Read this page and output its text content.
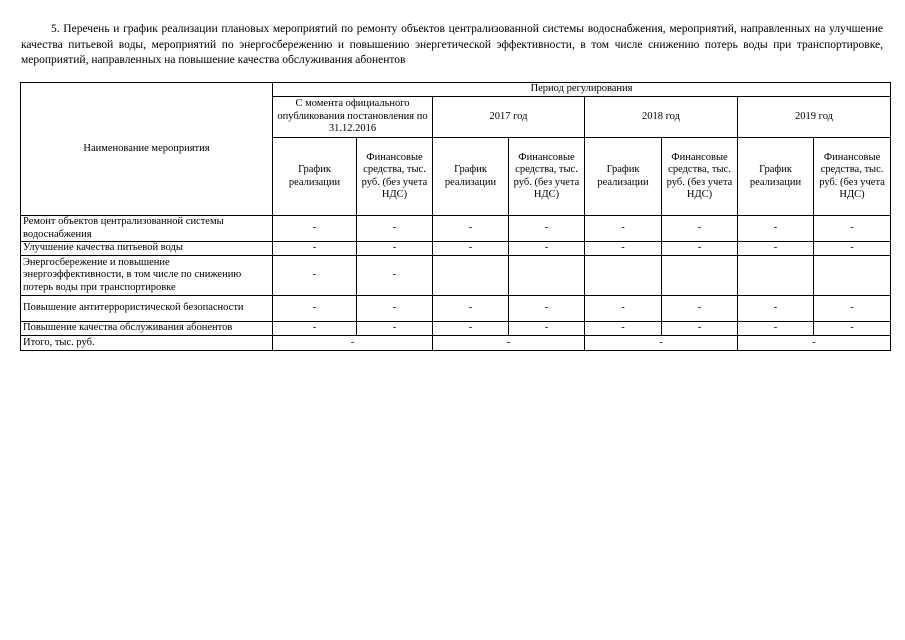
5. Перечень и график реализации плановых мероприятий по ремонту объектов централизованной системы водоснабжения, мероприятий, направленных на улучшение качества питьевой воды, мероприятий по энергосбережению и повышению энергетической эффективности, в том числе снижению потерь воды при транспортировке, мероприятий, направленных на повышение качества обслуживания абонентов
Наименование мероприятия	Период регулирования							
	С момента официального опубликования постановления по 31.12.2016		2017 год		2018 год		2019 год	
	График реализации	Финансовые средства, тыс. руб. (без учета НДС)	График реализации	Финансовые средства, тыс. руб. (без учета НДС)	График реализации	Финансовые средства, тыс. руб. (без учета НДС)	График реализации	Финансовые средства, тыс. руб. (без учета НДС)
Ремонт объектов централизованной системы водоснабжения	-	-	-	-	-	-	-	-
Улучшение качества питьевой воды	-	-	-	-	-	-	-	-
Энергосбережение и повышение энергоэффективности, в том числе по снижению потерь воды при транспортировке	-	-						
Повышение антитеррористической безопасности	-	-	-	-	-	-	-	-
Повышение качества обслуживания абонентов	-	-	-	-	-	-	-	-
Итого, тыс. руб.	-		-		-		-	
